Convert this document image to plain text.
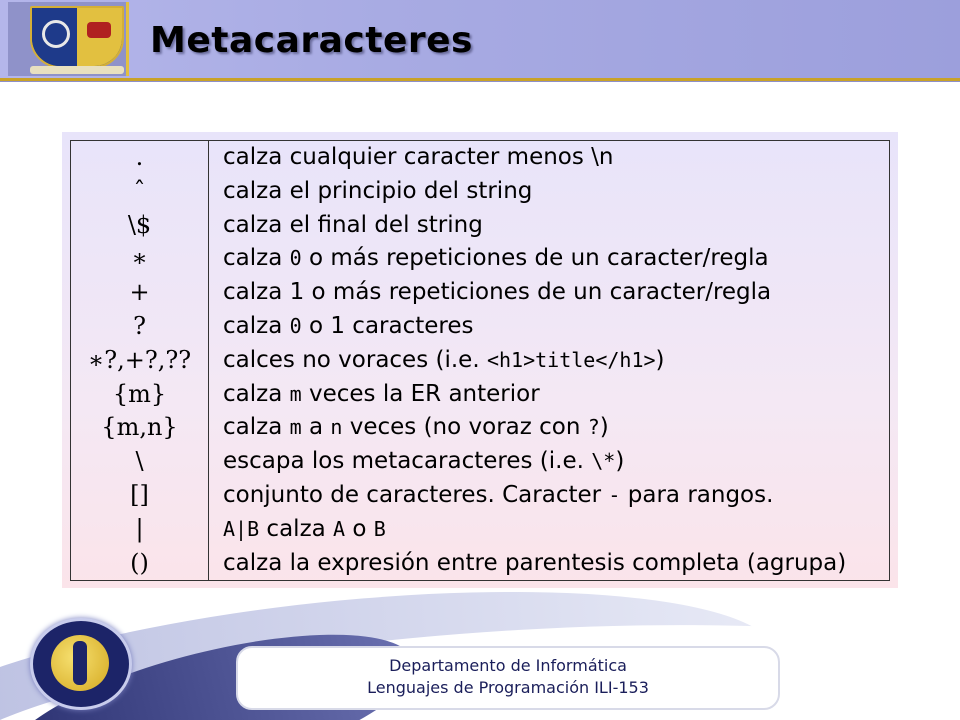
Metacaracteres
.	calza cualquier caracter menos \n
ˆ	calza el principio del string
\$	calza el final del string
∗	calza 0 o más repeticiones de un caracter/regla
+	calza 1 o más repeticiones de un caracter/regla
?	calza 0 o 1 caracteres
∗?,+?,??	calces no voraces (i.e. <h1>title</h1>)
{m}	calza m veces la ER anterior
{m,n}	calza m a n veces (no voraz con ?)
\	escapa los metacaracteres (i.e. \*)
[]	conjunto de caracteres. Caracter - para rangos.
|	A|B calza A o B
()	calza la expresión entre parentesis completa (agrupa)
Departamento de Informática
Lenguajes de Programación ILI-153
